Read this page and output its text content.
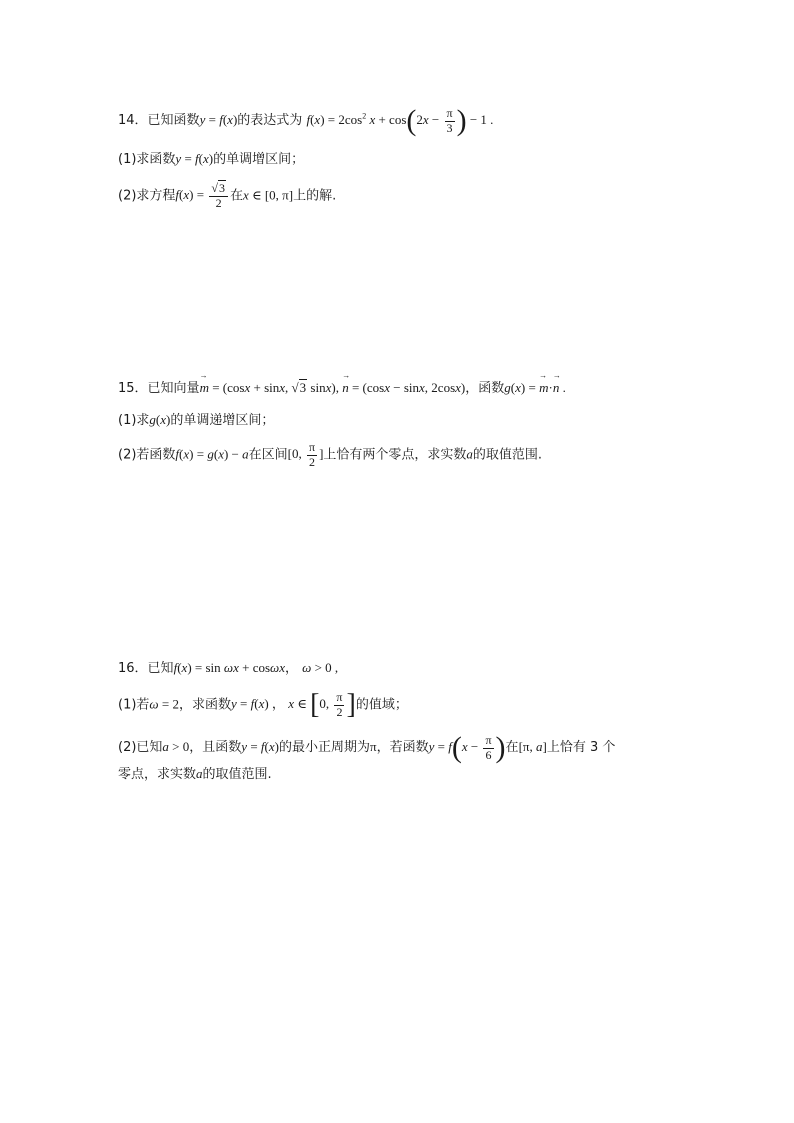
14．已知函数y = f(x)的表达式为 $f(x) = 2\cos^2$ $x + \cos(2x - \frac{\pi}{3}$ ) − 1 .
(1)求函数y = f(x)的单调增区间；
(2)求方程$f(x) = \frac{√3}{2}$ 在x ∈ [0, π]上的解.
15．已知向量→ m = (cosx + sinx, √3 sinx), → n = (cosx − sinx, 2cosx)，函数g(x) = → m·→ n .
(1)求g(x)的单调递增区间；
(2)若函数f(x) = g(x) − a在区间[0, $\frac{\pi}{2}$ ]上恰有两个零点，求实数a的取值范围.
16．已知f(x) = sin ωx + cosωx， ω > 0 ,
(1)若ω = 2，求函数y = f(x) ， x ∈ [0, $\frac{\pi}{2}$ ]的值域；
(2)已知a > 0，且函数y = f(x)的最小正周期为π，若函数$y = f(x - \frac{\pi}{6}$ )在[π, a]上恰有 3 个
零点，求实数a的取值范围.
